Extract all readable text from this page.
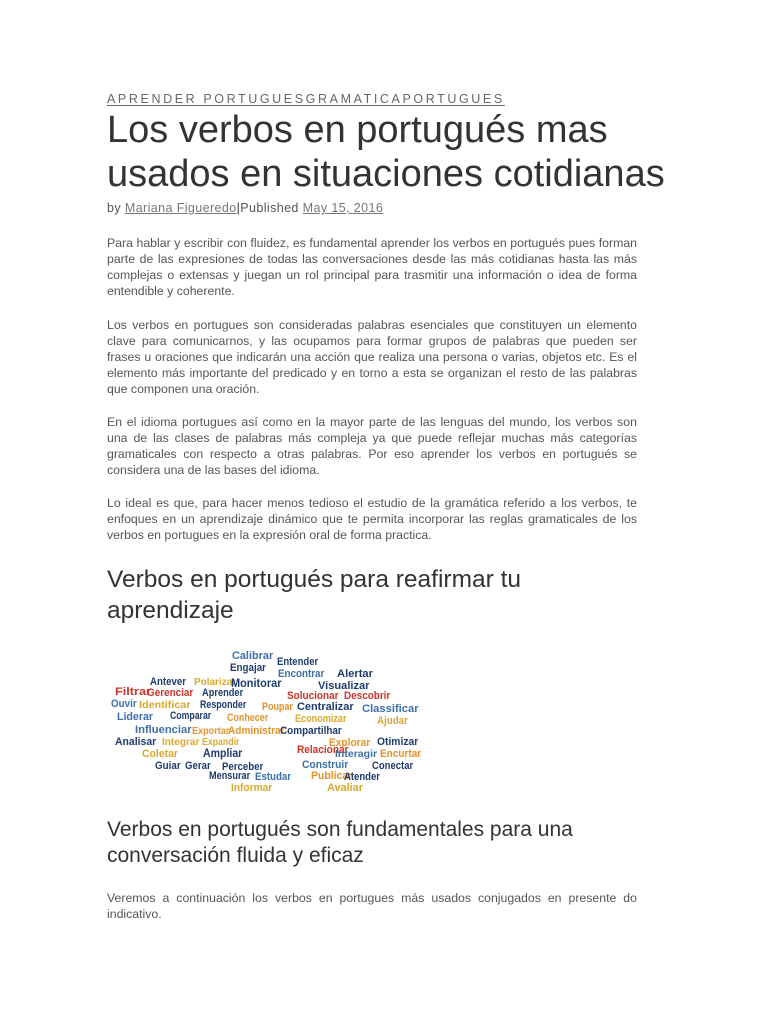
APRENDER PORTUGUESGRAMATICAPORTUGUES
Los verbos en portugués mas usados en situaciones cotidianas
by Mariana Figueredo|Published May 15, 2016

Para hablar y escribir con fluidez, es fundamental aprender los verbos en portugués pues forman parte de las expresiones de todas las conversaciones desde las más cotidianas hasta las más complejas o extensas y juegan un rol principal para trasmitir una información o idea de forma entendible y coherente.

Los verbos en portugues son consideradas palabras esenciales que constituyen un elemento clave para comunicarnos, y las ocupamos para formar grupos de palabras que pueden ser frases u oraciones que indicarán una acción que realiza una persona o varias, objetos etc. Es el elemento más importante del predicado y en torno a esta se organizan el resto de las palabras que componen una oración.

En el idioma portugues así como en la mayor parte de las lenguas del mundo, los verbos son una de las clases de palabras más compleja ya que puede reflejar muchas más categorías gramaticales con respecto a otras palabras. Por eso aprender los verbos en portugués se considera una de las bases del idioma.

Lo ideal es que, para hacer menos tedioso el estudio de la gramática referido a los verbos, te enfoques en un aprendizaje dinámico que te permita incorporar las reglas gramaticales de los verbos en portugues en la expresión oral de forma practica.

Verbos en portugués para reafirmar tu aprendizaje
Calibrar Entender
Engajar Encontrar Alertar
Antever Polarizar
Monitorar	Visualizar
Filtrar
Gerenciar Aprender	Solucionar Descobrir
Ouvir Identificar Responder Poupar Centralizar Classificar
Liderar Comparar Conhecer Economizar	Ajudar
Influenciar Exportar
Administrar
Compartilhar
Analisar Integrar Expandir	Explorar Otimizar
Coletar Ampliar	Relacionar
Interagir Encurtar
Guiar Gerar Perceber	Construir Conectar
Mensurar Estudar Publicar
Atender
Informar	Avaliar
Verbos en portugués son fundamentales para una conversación fluida y eficaz

Veremos a continuación los verbos en portugues más usados conjugados en presente do indicativo.
